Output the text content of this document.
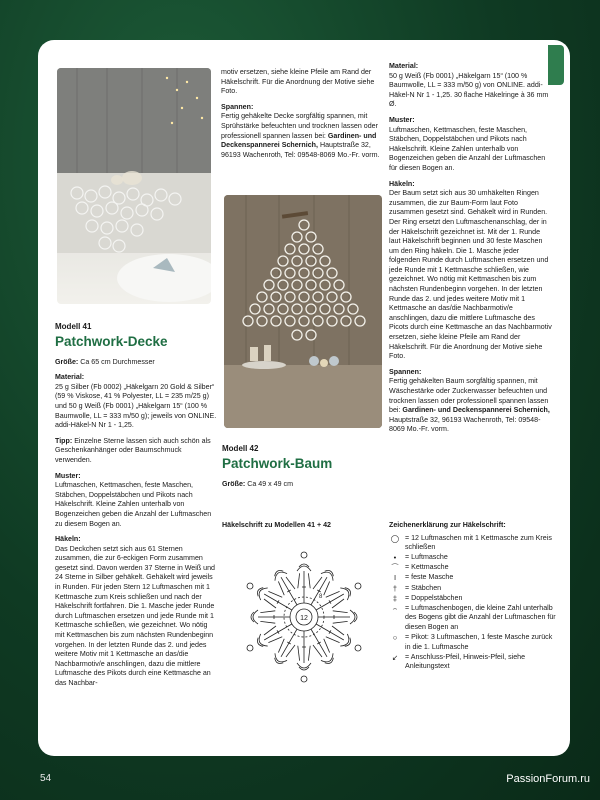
Modell 41
Patchwork-Decke

Größe: Ca 65 cm Durchmesser

Material:

25 g Silber (Fb 0002) „Häkelgarn 20 Gold & Silber“ (59 % Viskose, 41 % Polyester, LL = 235 m/25 g) und 50 g Weiß (Fb 0001) „Häkelgarn 15“ (100 % Baumwolle, LL = 333 m/50 g); jeweils von ONLINE. addi-Häkel-N Nr 1 - 1,25.

Tipp: Einzelne Sterne lassen sich auch schön als Geschenkanhänger oder Baumschmuck verwenden.

Muster:

Luftmaschen, Kettmaschen, feste Maschen, Stäbchen, Doppelstäbchen und Pikots nach Häkelschrift. Kleine Zahlen unterhalb von Bogenzeichen geben die Anzahl der Luftmaschen zu diesem Bogen an.

Häkeln:

Das Deckchen setzt sich aus 61 Sternen zusammen, die zur 6-eckigen Form zusammen gesetzt sind. Davon werden 37 Sterne in Weiß und 24 Sterne in Silber gehäkelt. Gehäkelt wird jeweils in Runden. Für jeden Stern 12 Luftmaschen mit 1 Kettmasche zum Kreis schließen und nach der Häkelschrift fortfahren. Die 1. Masche jeder Runde durch Luftmaschen ersetzen und jede Runde mit 1 Kettmasche schließen, wie gezeichnet. Wo nötig mit Kettmaschen bis zum nächsten Rundenbeginn vorgehen. In der letzten Runde das 2. und jedes weitere Motiv mit 1 Kettmasche an das/die Nachbarmotiv/e anschlingen, dazu die mittlere Luftmasche des Pikots durch eine Kettmasche an das Nachbar-

motiv ersetzen, siehe kleine Pfeile am Rand der Häkelschrift. Für die Anordnung der Motive siehe Foto.

Spannen:

Fertig gehäkelte Decke sorgfältig spannen, mit Sprühstärke befeuchten und trocknen lassen oder professionell spannen lassen bei: Gardinen- und Deckenspannerei Schernich, Hauptstraße 32, 96193 Wachenroth, Tel: 09548-8069 Mo.-Fr. vorm.

Modell 42
Patchwork-Baum

Größe: Ca 49 x 49 cm

Material:

50 g Weiß (Fb 0001) „Häkelgarn 15“ (100 % Baumwolle, LL = 333 m/50 g) von ONLINE. addi-Häkel-N Nr 1 - 1,25. 30 flache Häkelringe à 36 mm Ø.

Muster:

Luftmaschen, Kettmaschen, feste Maschen, Stäbchen, Doppelstäbchen und Pikots nach Häkelschrift. Kleine Zahlen unterhalb von Bogenzeichen geben die Anzahl der Luftmaschen für diesen Bogen an.

Häkeln:

Der Baum setzt sich aus 30 umhäkelten Ringen zusammen, die zur Baum-Form laut Foto zusammen gesetzt sind. Gehäkelt wird in Runden. Der Ring ersetzt den Luftmaschenanschlag, der in der Häkelschrift gezeichnet ist. Mit der 1. Runde laut Häkelschrift beginnen und 30 feste Maschen um den Ring häkeln. Die 1. Masche jeder folgenden Runde durch Luftmaschen ersetzen und jede Runde mit 1 Kettmasche schließen, wie gezeichnet. Wo nötig mit Kettmaschen bis zum nächsten Rundenbeginn vorgehen. In der letzten Runde das 2. und jedes weitere Motiv mit 1 Kettmasche an das/die Nachbarmotiv/e anschlingen, dazu die mittlere Luftmasche des Picots durch eine Kettmasche an das Nachbarmotiv ersetzen, siehe kleine Pfeile am Rand der Häkelschrift. Für die Anordnung der Motive siehe Foto.

Spannen:

Fertig gehäkelten Baum sorgfältig spannen, mit Wäschestärke oder Zuckerwasser befeuchten und trocknen lassen oder professionell spannen lassen bei: Gardinen- und Deckenspannerei Schernich, Hauptstraße 32, 96193 Wachenroth, Tel: 09548-8069 Mo.-Fr. vorm.

Häkelschrift zu Modellen 41 + 42
12
8
Zeichenerklärung zur Häkelschrift:
◯ = 12 Luftmaschen mit 1 Kettmasche zum Kreis schließen
•	= Luftmasche
⌒ = Kettmasche
I	= feste Masche
†	= Stäbchen
‡	= Doppelstäbchen
⌢	= Luftmaschenbogen, die kleine Zahl unterhalb des Bogens gibt die Anzahl der Luftmaschen für diesen Bogen an
○	= Pikot: 3 Luftmaschen, 1 feste Masche zurück in die 1. Luftmasche
↙ = Anschluss-Pfeil, Hinweis-Pfeil, siehe Anleitungstext
54	PassionForum.ru
